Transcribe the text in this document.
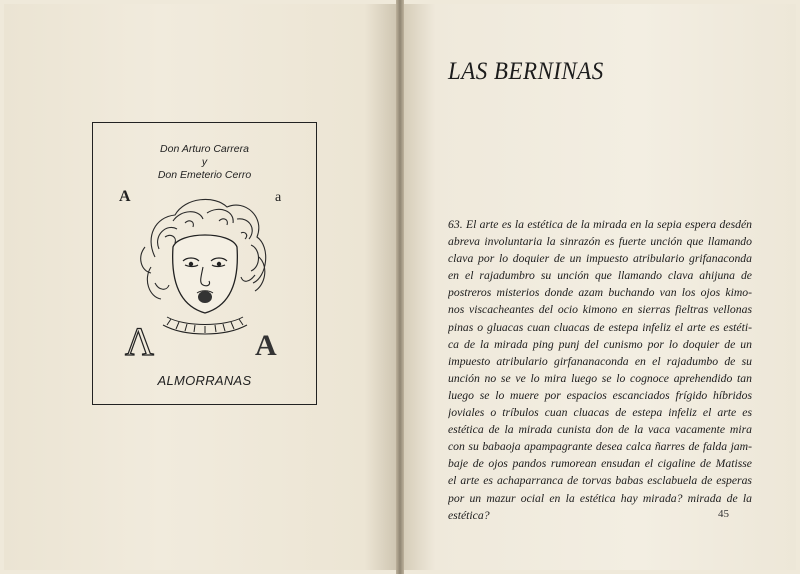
Don Arturo Carrera
y
Don Emeterio Cerro
A	a
Λ	A
ALMORRANAS
LAS BERNINAS
63. El arte es la estética de la mirada en la sepia espera desdén
abreva involuntaria la sinrazón es fuerte unción que llamando
clava por lo doquier de un impuesto atribulario grifanaconda
en el rajadumbro su unción que llamando clava ahijuna de
postreros misterios donde azam buchando van los ojos kimo-
nos viscacheantes del ocio kimono en sierras fieltras vellonas
pinas o gluacas cuan cluacas de estepa infeliz el arte es estéti-
ca de la mirada ping punj del cunismo por lo doquier de un
impuesto atribulario girfananaconda en el rajadumbo de su
unción no se ve lo mira luego se lo cognoce aprehendido tan
luego se lo muere por espacios escanciados frígido híbridos
joviales o tríbulos cuan cluacas de estepa infeliz el arte es
estética de la mirada cunista don de la vaca vacamente mira
con su babaoja apampagrante desea calca ñarres de falda jam-
baje de ojos pandos rumorean ensudan el cigaline de Matisse
el arte es achaparranca de torvas babas esclabuela de esperas
por un mazur ocial en la estética hay mirada? mirada de la
estética?	45
